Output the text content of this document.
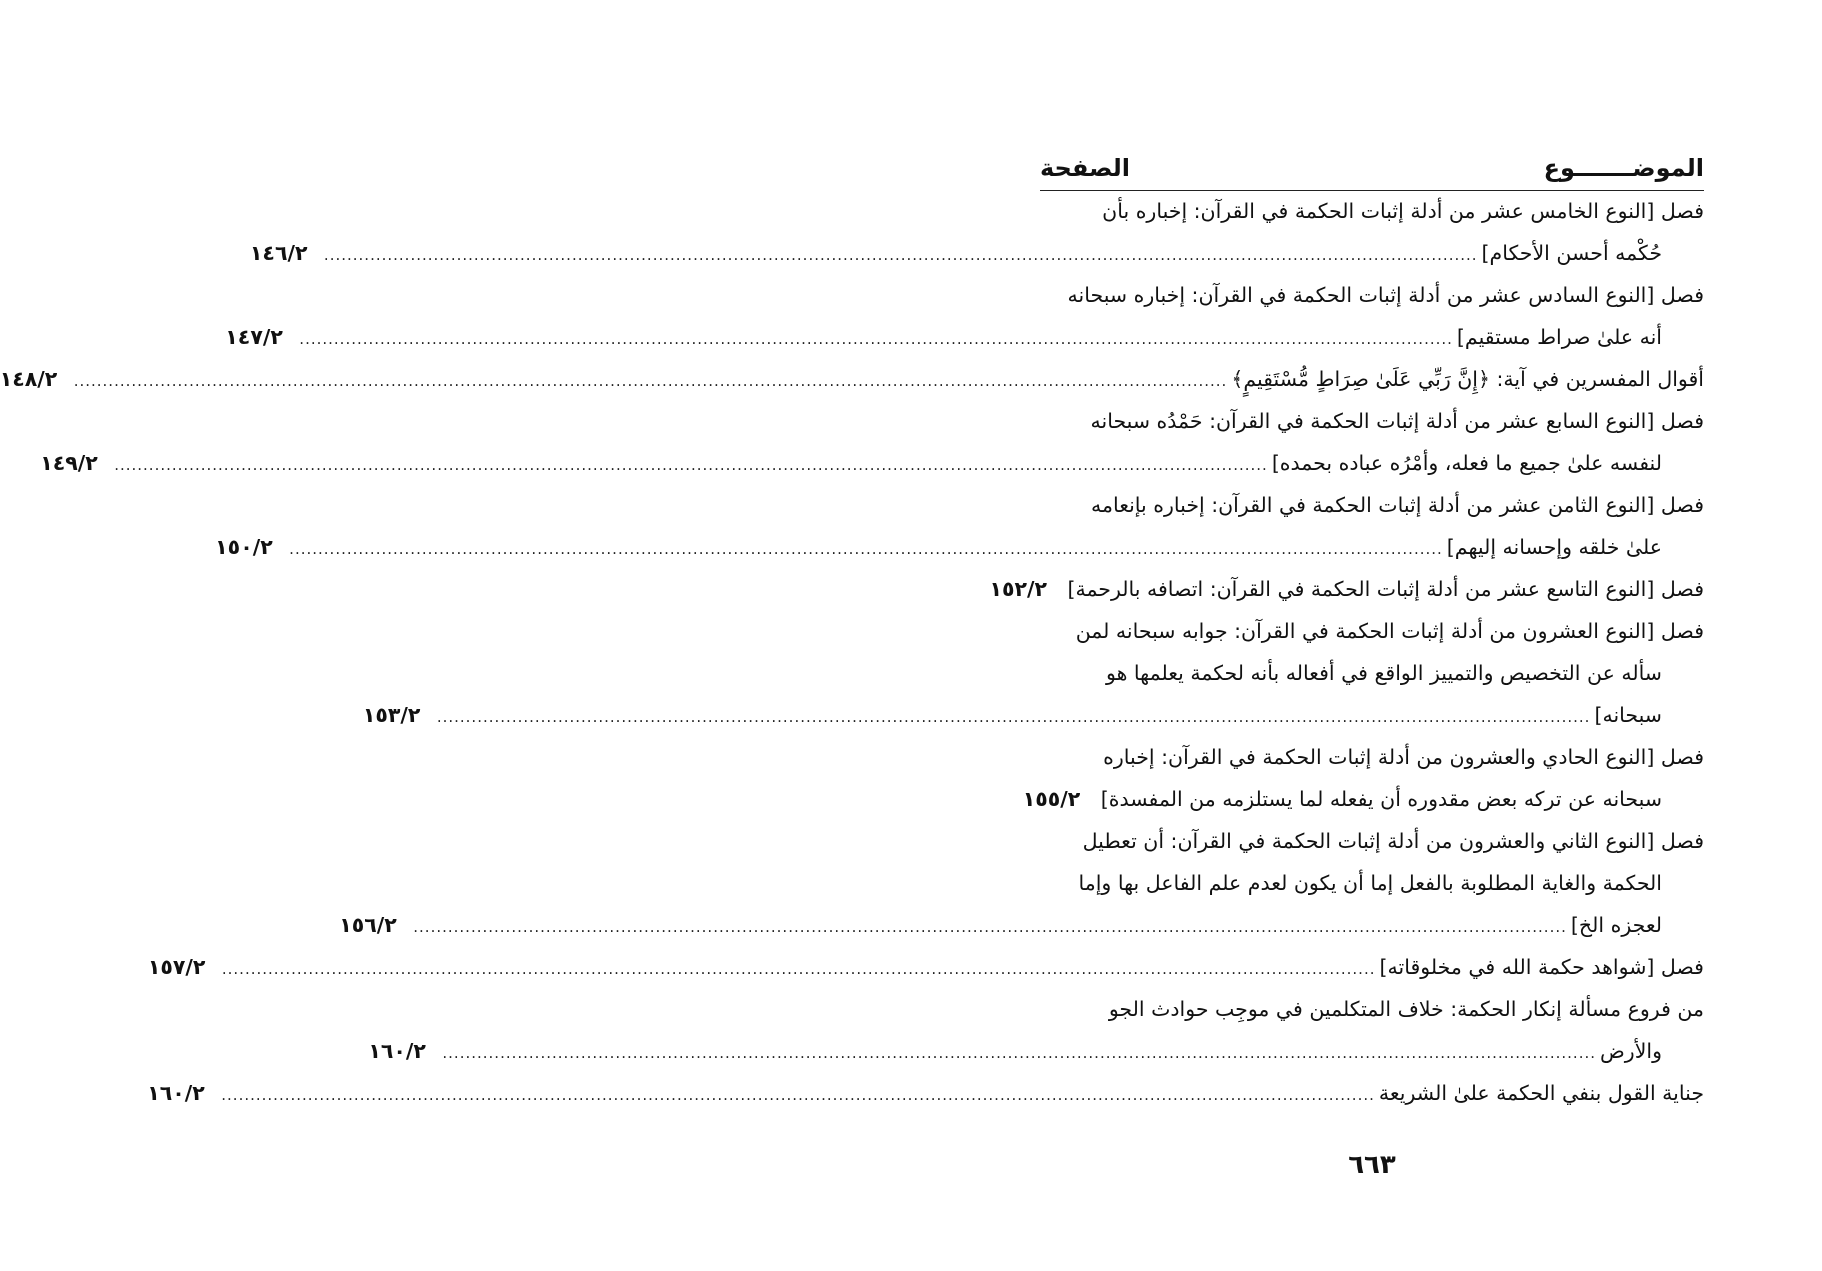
الموضـــــــوع
الصفحة
فصل [النوع الخامس عشر من أدلة إثبات الحكمة في القرآن: إخباره بأن
حُكْمه أحسن الأحكام]
........................................................................................................................................................................................................
١٤٦/٢
فصل [النوع السادس عشر من أدلة إثبات الحكمة في القرآن: إخباره سبحانه
أنه علىٰ صراط مستقيم]
........................................................................................................................................................................................................
١٤٧/٢
أقوال المفسرين في آية: ﴿إِنَّ رَبِّي عَلَىٰ صِرَاطٍ مُّسْتَقِيمٍ﴾
........................................................................................................................................................................................................
١٤٨/٢
فصل [النوع السابع عشر من أدلة إثبات الحكمة في القرآن: حَمْدُه سبحانه
لنفسه علىٰ جميع ما فعله، وأمْرُه عباده بحمده]
........................................................................................................................................................................................................
١٤٩/٢
فصل [النوع الثامن عشر من أدلة إثبات الحكمة في القرآن: إخباره بإنعامه
علىٰ خلقه وإحسانه إليهم]
........................................................................................................................................................................................................
١٥٠/٢
فصل [النوع التاسع عشر من أدلة إثبات الحكمة في القرآن: اتصافه بالرحمة]
١٥٢/٢
فصل [النوع العشرون من أدلة إثبات الحكمة في القرآن: جوابه سبحانه لمن
سأله عن التخصيص والتمييز الواقع في أفعاله بأنه لحكمة يعلمها هو
سبحانه]
........................................................................................................................................................................................................
١٥٣/٢
فصل [النوع الحادي والعشرون من أدلة إثبات الحكمة في القرآن: إخباره
سبحانه عن تركه بعض مقدوره أن يفعله لما يستلزمه من المفسدة]
١٥٥/٢
فصل [النوع الثاني والعشرون من أدلة إثبات الحكمة في القرآن: أن تعطيل
الحكمة والغاية المطلوبة بالفعل إما أن يكون لعدم علم الفاعل بها وإما
لعجزه الخ]
........................................................................................................................................................................................................
١٥٦/٢
فصل [شواهد حكمة الله في مخلوقاته]
........................................................................................................................................................................................................
١٥٧/٢
من فروع مسألة إنكار الحكمة: خلاف المتكلمين في موجِب حوادث الجو
والأرض
........................................................................................................................................................................................................
١٦٠/٢
جناية القول بنفي الحكمة علىٰ الشريعة
........................................................................................................................................................................................................
١٦٠/٢
٦٦٣
